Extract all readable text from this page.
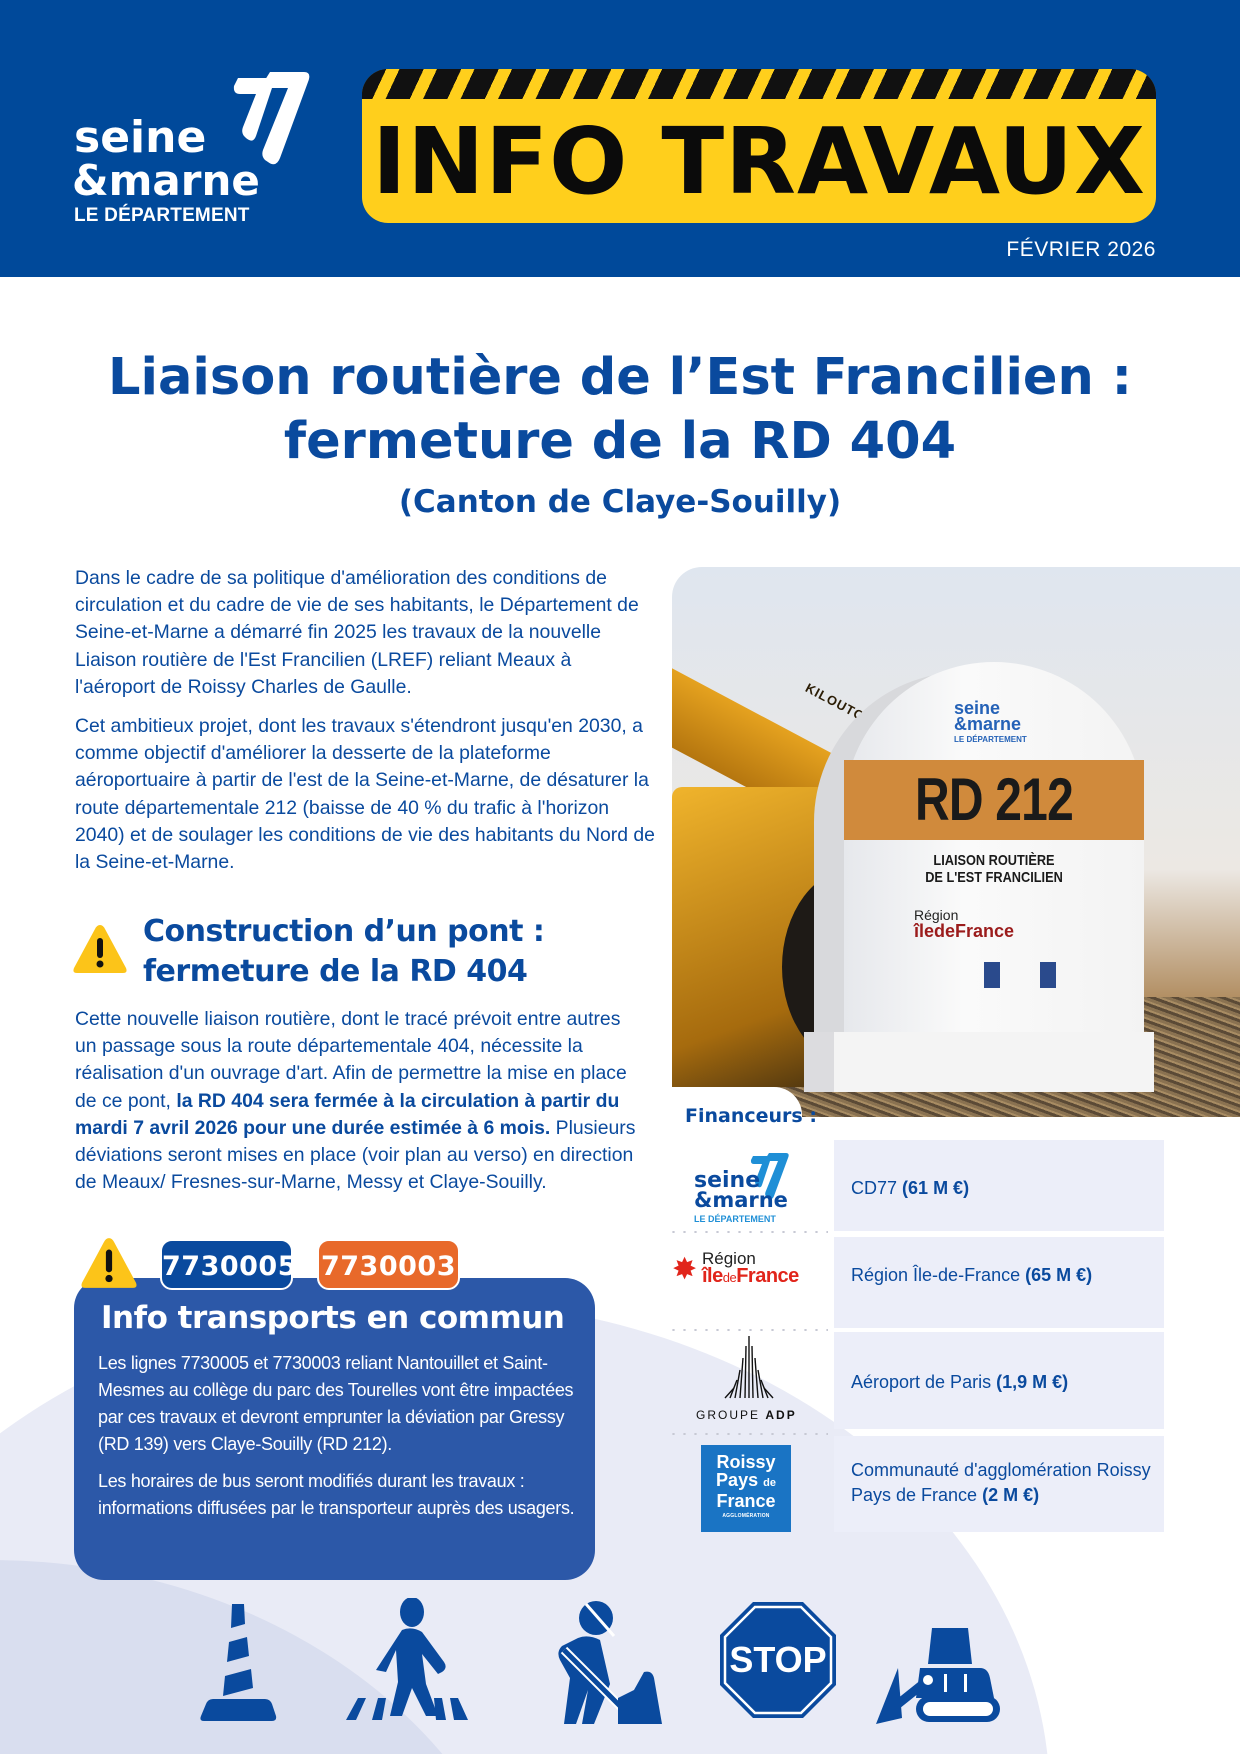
seine
&marne
LE DÉPARTEMENT
INFO TRAVAUX
FÉVRIER 2026
Liaison routière de l’Est Francilien :
fermeture de la RD 404
(Canton de Claye-Souilly)

Dans le cadre de sa politique d'amélioration des conditions de circulation et du cadre de vie de ses habitants, le Département de Seine-et-Marne a démarré fin 2025 les travaux de la nouvelle Liaison routière de l'Est Francilien (LREF) reliant Meaux à l'aéroport de Roissy Charles de Gaulle.

Cet ambitieux projet, dont les travaux s'étendront jusqu'en 2030, a comme objectif d'améliorer la desserte de la plateforme aéroportuaire à partir de l'est de la Seine-et-Marne, de désaturer la route départementale 212 (baisse de 40 % du trafic à l'horizon 2040) et de soulager les conditions de vie des habitants du Nord de la Seine-et-Marne.

Construction d’un pont :
fermeture de la RD 404

Cette nouvelle liaison routière, dont le tracé prévoit entre autres un passage sous la route départementale 404, nécessite la réalisation d'un ouvrage d'art. Afin de permettre la mise en place de ce pont, la RD 404 sera fermée à la circulation à partir du mardi 7 avril 2026 pour une durée estimée à 6 mois. Plusieurs déviations seront mises en place (voir plan au verso) en direction de Meaux/ Fresnes-sur-Marne, Messy et Claye-Souilly.

Info transports en commun

Les lignes 7730005 et 7730003 reliant Nantouillet et Saint-Mesmes au collège du parc des Tourelles vont être impactées par ces travaux et devront emprunter la déviation par Gressy (RD 139) vers Claye-Souilly (RD 212).

Les horaires de bus seront modifiés durant les travaux : informations diffusées par le transporteur auprès des usagers.

7730005 7730003
KILOUTOU	seine
&marne
LE DÉPARTEMENT
RD 212
LIAISON ROUTIÈRE
DE L'EST FRANCILIEN
Région
îledeFrance
Financeurs :
CD77 (61 M €)
Région Île-de-France (65 M €)
Aéroport de Paris (1,9 M €)
Communauté d'agglomération Roissy Pays de France (2 M €)
seine
&marne
LE DÉPARTEMENT
✸ Région
îledeFrance
GROUPE ADP
Roissy
Pays de
France
AGGLOMÉRATION
STOP
